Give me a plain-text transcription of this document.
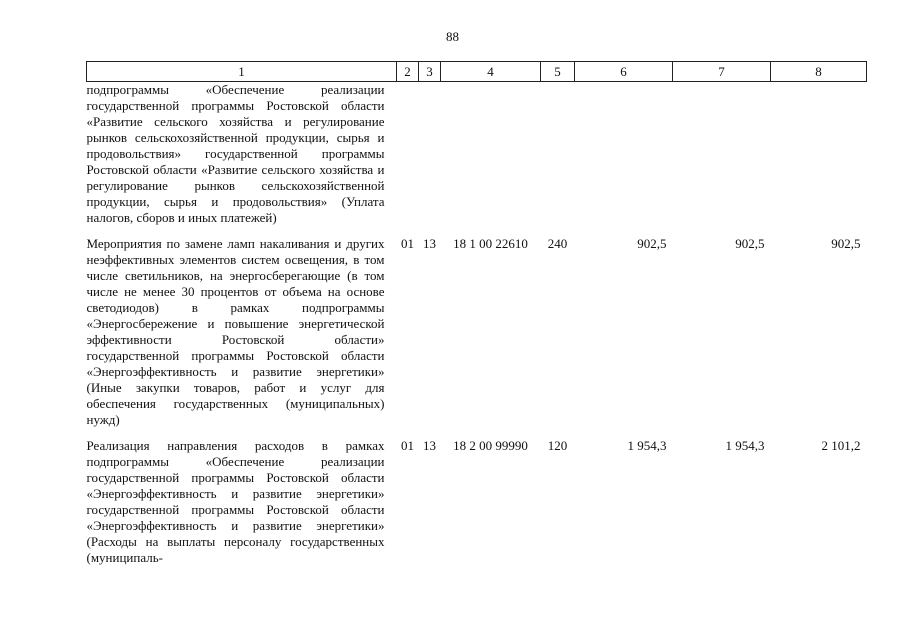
88
1	2	3	4	5	6	7	8

подпрограммы «Обеспечение реализации государственной программы Ростовской области «Развитие сельского хозяйства и регулирование рынков сельскохозяйственной продукции, сырья и продовольствия» государственной программы Ростовской области «Развитие сельского хозяйства и регулирование рынков сельскохозяйственной продукции, сырья и продовольствия» (Уплата налогов, сборов и иных платежей)							

Мероприятия по замене ламп накаливания и других неэффективных элементов систем освещения, в том числе светильников, на энергосберегающие (в том числе не менее 30 процентов от объема на основе светодиодов) в рамках подпрограммы «Энергосбережение и повышение энергетической эффективности Ростовской области» государственной программы Ростовской области «Энергоэффективность и развитие энергетики» (Иные закупки товаров, работ и услуг для обеспечения государственных (муниципальных) нужд)	01	13	18 1 00 22610	240	902,5	902,5	902,5

Реализация направления расходов в рамках подпрограммы «Обеспечение реализации государственной программы Ростовской области «Энергоэффективность и развитие энергетики» государственной программы Ростовской области «Энергоэффективность и развитие энергетики» (Расходы на выплаты персоналу государственных (муниципаль-	01	13	18 2 00 99990	120	1 954,3	1 954,3	2 101,2
